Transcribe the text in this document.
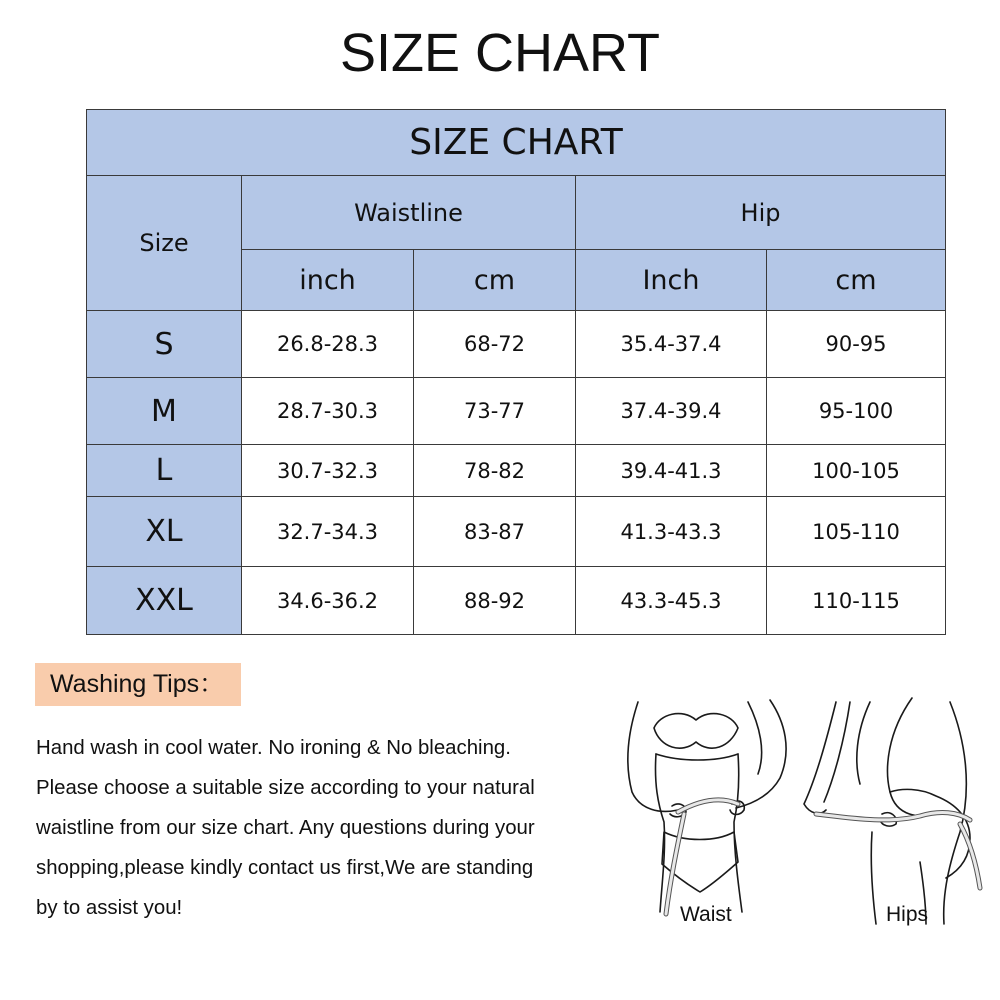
SIZE CHART
SIZE CHART				
Size	Waistline		Hip	
	inch	cm	Inch	cm
S	26.8-28.3	68-72	35.4-37.4	90-95
M	28.7-30.3	73-77	37.4-39.4	95-100
L	30.7-32.3	78-82	39.4-41.3	100-105
XL	32.7-34.3	83-87	41.3-43.3	105-110
XXL	34.6-36.2	88-92	43.3-45.3	110-115
Washing Tips：
Hand wash in cool water. No ironing & No bleaching.
Please choose a suitable size according to your natural
waistline from our size chart. Any questions during your
shopping,please kindly contact us first,We are standing
by to assist you!	Waist	Hips
